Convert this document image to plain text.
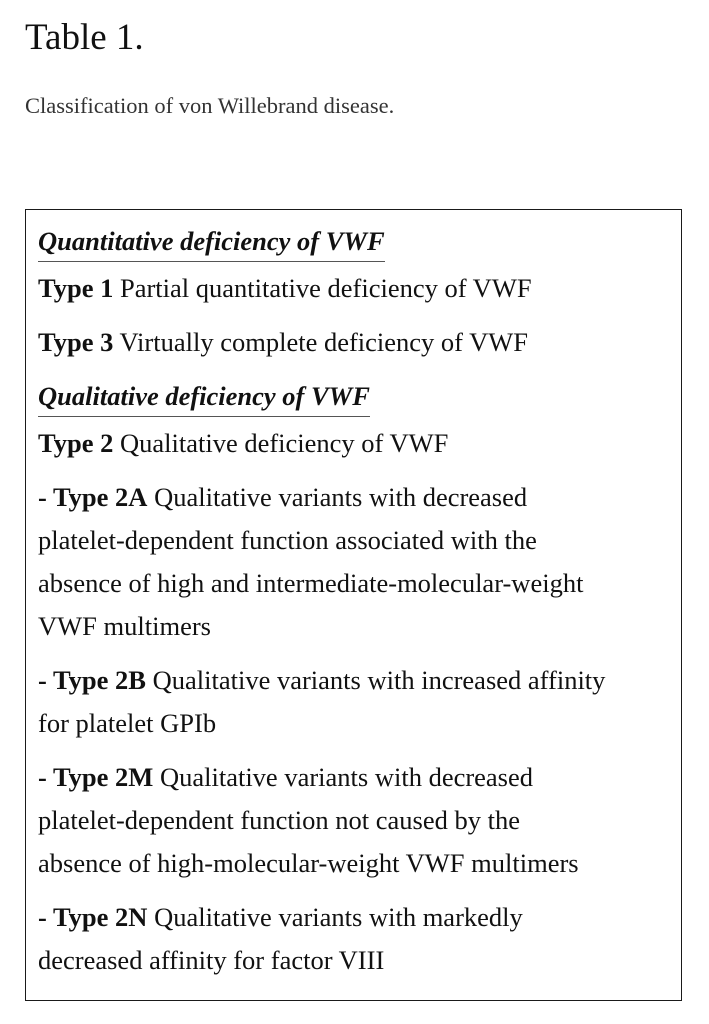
Table 1.

Classification of von Willebrand disease.

Quantitative deficiency of VWF
Type 1 Partial quantitative deficiency of VWF
Type 3 Virtually complete deficiency of VWF
Qualitative deficiency of VWF
Type 2 Qualitative deficiency of VWF
- Type 2A Qualitative variants with decreased
platelet-dependent function associated with the
absence of high and intermediate-molecular-weight
VWF multimers
- Type 2B Qualitative variants with increased affinity
for platelet GPIb
- Type 2M Qualitative variants with decreased
platelet-dependent function not caused by the
absence of high-molecular-weight VWF multimers
- Type 2N Qualitative variants with markedly
decreased affinity for factor VIII
